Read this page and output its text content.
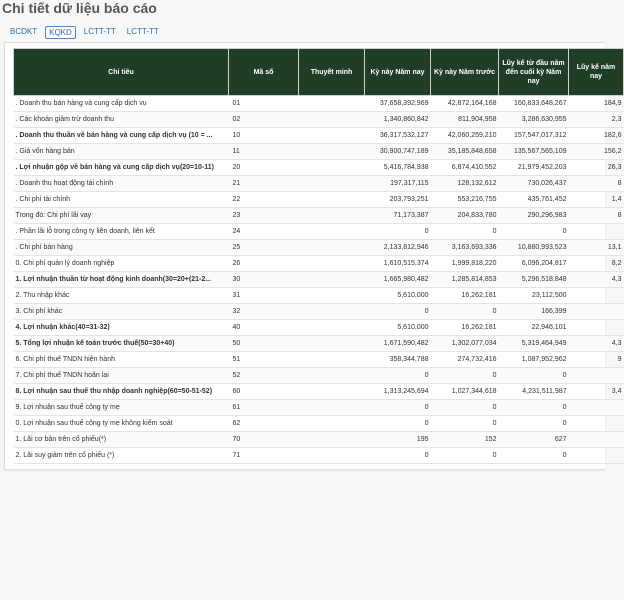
Chi tiết dữ liệu báo cáo
BCDKT	KQKD	LCTT-TT	LCTT-TT
Chỉ tiêu	Mã số	Thuyết minh	Kỳ này Năm nay	Kỳ này Năm trước	Lũy kế từ đầu năm đến cuối kỳ Năm nay	Lũy kế năm nay
. Doanh thu bán hàng và cung cấp dịch vụ	01		37,658,392,969	42,872,164,168	160,833,648,267	184,9
. Các khoản giảm trừ doanh thu	02		1,340,860,842	811,904,958	3,286,630,955	2,3
. Doanh thu thuần về bán hàng và cung cấp dịch vụ (10 = ...	10		36,317,532,127	42,060,259,210	157,547,017,312	182,6
. Giá vốn hàng bán	11		30,900,747,189	35,185,848,658	135,567,565,109	156,2
. Lợi nhuận gộp về bán hàng và cung cấp dịch vụ(20=10-11)	20		5,416,784,938	6,874,410,552	21,979,452,203	26,3
. Doanh thu hoạt động tài chính	21		197,317,115	128,132,612	730,026,437	8
. Chi phí tài chính	22		203,793,251	553,216,755	435,761,452	1,4
Trong đó: Chi phí lãi vay	23		71,173,387	204,833,780	290,296,983	8
. Phần lãi lỗ trong công ty liên doanh, liên kết	24		0	0	0	
. Chi phí bán hàng	25		2,133,812,946	3,163,693,336	10,880,993,523	13,1
0. Chi phí quản lý doanh nghiệp	26		1,610,515,374	1,999,818,220	6,096,204,817	8,2
1. Lợi nhuận thuần từ hoạt động kinh doanh(30=20+(21-2...	30		1,665,980,482	1,285,814,853	5,296,518,848	4,3
2. Thu nhập khác	31		5,610,000	16,262,181	23,112,500	
3. Chi phí khác	32		0	0	166,399	
4. Lợi nhuận khác(40=31-32)	40		5,610,000	16,262,181	22,946,101	
5. Tổng lợi nhuận kế toán trước thuế(50=30+40)	50		1,671,590,482	1,302,077,034	5,319,464,949	4,3
6. Chi phí thuế TNDN hiện hành	51		358,344,788	274,732,416	1,087,952,962	9
7. Chi phí thuế TNDN hoãn lại	52		0	0	0	
8. Lợi nhuận sau thuế thu nhập doanh nghiệp(60=50-51-52)	60		1,313,245,694	1,027,344,618	4,231,511,987	3,4
9. Lợi nhuận sau thuế công ty mẹ	61		0	0	0	
0. Lợi nhuận sau thuế công ty mẹ không kiểm soát	62		0	0	0	
1. Lãi cơ bản trên cổ phiếu(*)	70		195	152	627	
2. Lãi suy giảm trên cổ phiếu (*)	71		0	0	0	
